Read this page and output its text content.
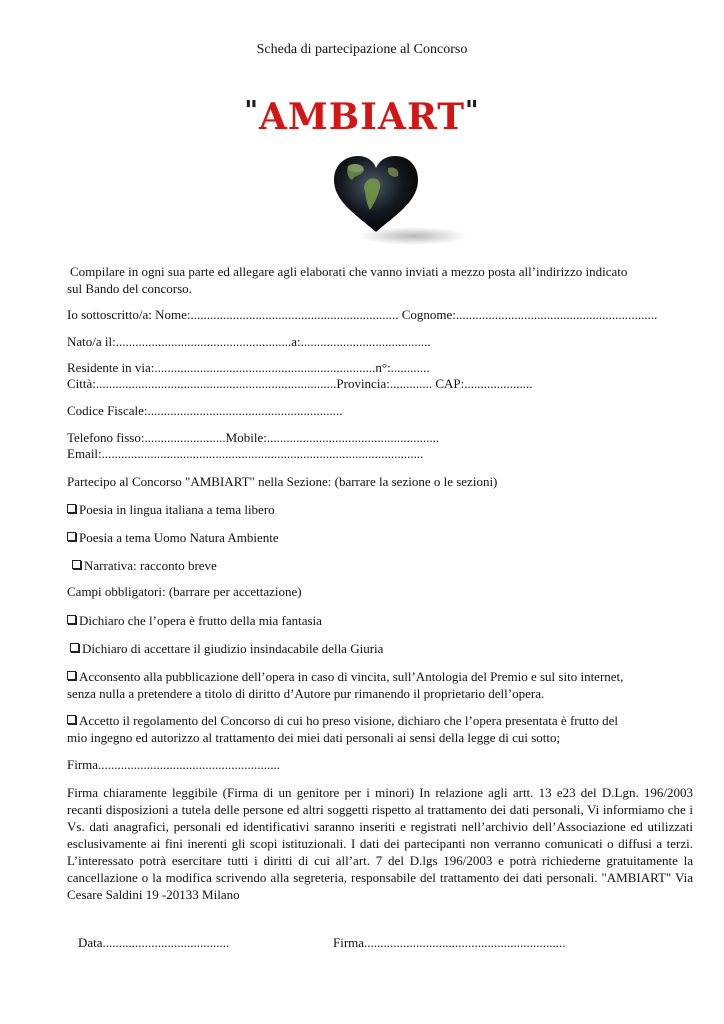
Scheda di partecipazione al Concorso
"AMBIART"
Compilare in ogni sua parte ed allegare agli elaborati che vanno inviati a mezzo posta all’indirizzo indicato
sul Bando del concorso.
Io sottoscritto/a: Nome:................................................................ Cognome:..............................................................
Nato/a il:......................................................a:........................................
Residente in via:....................................................................n°:............
Città:..........................................................................Provincia:............. CAP:.....................
Codice Fiscale:............................................................
Telefono fisso:.........................Mobile:.....................................................
Email:...................................................................................................
Partecipo al Concorso "AMBIART" nella Sezione: (barrare la sezione o le sezioni)
Poesia in lingua italiana a tema libero
Poesia a tema Uomo Natura Ambiente
Narrativa: racconto breve
Campi obbligatori: (barrare per accettazione)
Dichiaro che l’opera è frutto della mia fantasia
Dichiaro di accettare il giudizio insindacabile della Giuria
Acconsento alla pubblicazione dell’opera in caso di vincita, sull’Antologia del Premio e sul sito internet,
senza nulla a pretendere a titolo di diritto d’Autore pur rimanendo il proprietario dell’opera.
Accetto il regolamento del Concorso di cui ho preso visione, dichiaro che l’opera presentata è frutto del
mio ingegno ed autorizzo al trattamento dei miei dati personali ai sensi della legge di cui sotto;
Firma........................................................
Firma chiaramente leggibile (Firma di un genitore per i minori) In relazione agli artt. 13 e23 del D.Lgn. 196/2003 recanti disposizioni a tutela delle persone ed altri soggetti rispetto al trattamento dei dati personali, Vi informiamo che i Vs. dati anagrafici, personali ed identificativi saranno inseriti e registrati nell’archivio dell’Associazione ed utilizzati esclusivamente ai fini inerenti gli scopi istituzionali. I dati dei partecipanti non verranno comunicati o diffusi a terzi. L’interessato potrà esercitare tutti i diritti di cui all’art. 7 del D.lgs 196/2003 e potrà richiederne gratuitamente la cancellazione o la modifica scrivendo alla segreteria, responsabile del trattamento dei dati personali. "AMBIART" Via Cesare Saldini 19 -20133 Milano
Data.......................................	Firma..............................................................
